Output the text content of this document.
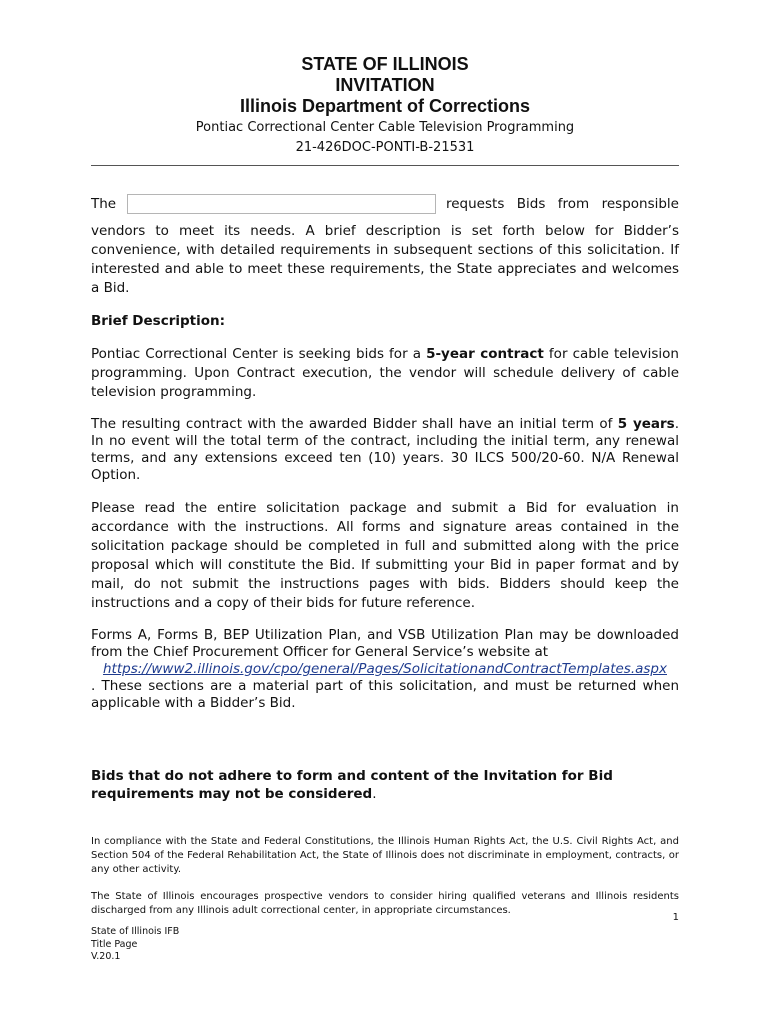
STATE OF ILLINOIS
INVITATION
Illinois Department of Corrections
Pontiac Correctional Center Cable Television Programming
21-426DOC-PONTI-B-21531
The	requests Bids from responsible

vendors to meet its needs. A brief description is set forth below for Bidder’s convenience, with detailed requirements in subsequent sections of this solicitation. If interested and able to meet these requirements, the State appreciates and welcomes a Bid.

Brief Description:

Pontiac Correctional Center is seeking bids for a 5-year contract for cable television programming. Upon Contract execution, the vendor will schedule delivery of cable television programming.

The resulting contract with the awarded Bidder shall have an initial term of 5 years. In no event will the total term of the contract, including the initial term, any renewal terms, and any extensions exceed ten (10) years. 30 ILCS 500/20-60. N/A Renewal Option.

Please read the entire solicitation package and submit a Bid for evaluation in accordance with the instructions. All forms and signature areas contained in the solicitation package should be completed in full and submitted along with the price proposal which will constitute the Bid. If submitting your Bid in paper format and by mail, do not submit the instructions pages with bids. Bidders should keep the instructions and a copy of their bids for future reference.

Forms A, Forms B, BEP Utilization Plan, and VSB Utilization Plan may be downloaded from the Chief Procurement Officer for General Service’s website at
https://www2.illinois.gov/cpo/general/Pages/SolicitationandContractTemplates.aspx
. These sections are a material part of this solicitation, and must be returned when applicable with a Bidder’s Bid.

Bids that do not adhere to form and content of the Invitation for Bid requirements may not be considered.
In compliance with the State and Federal Constitutions, the Illinois Human Rights Act, the U.S. Civil Rights Act, and Section 504 of the Federal Rehabilitation Act, the State of Illinois does not discriminate in employment, contracts, or any other activity.
The State of Illinois encourages prospective vendors to consider hiring qualified veterans and Illinois residents discharged from any Illinois adult correctional center, in appropriate circumstances.
1
State of Illinois IFB
Title Page
V.20.1
